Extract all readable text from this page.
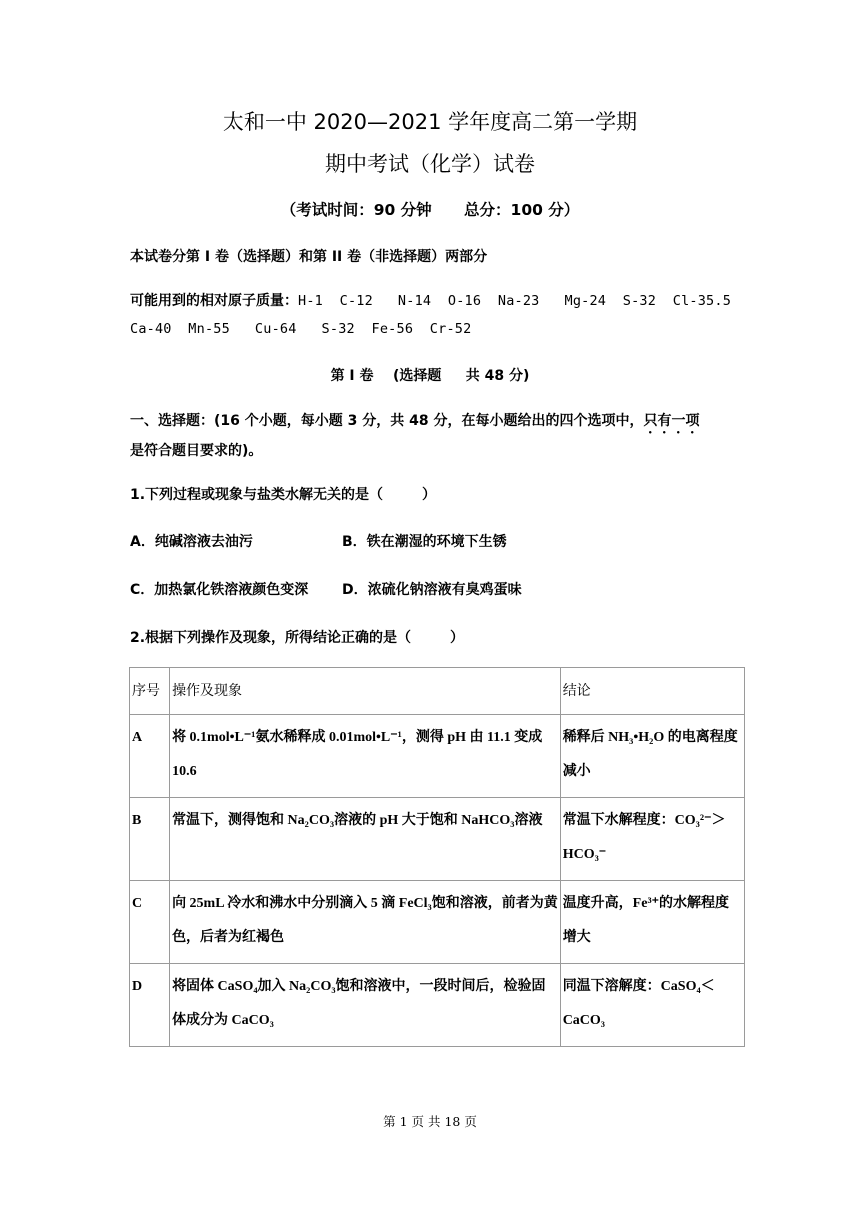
太和一中 2020—2021 学年度高二第一学期
期中考试（化学）试卷
（考试时间：90 分钟      总分：100 分）
本试卷分第 I 卷（选择题）和第 II 卷（非选择题）两部分
可能用到的相对原子质量：H-1  C-12   N-14  O-16  Na-23   Mg-24  S-32  Cl-35.5
Ca-40  Mn-55   Cu-64   S-32  Fe-56  Cr-52
第 I 卷    (选择题     共 48 分)
一、选择题：(16 个小题，每小题 3 分，共 48 分，在每小题给出的四个选项中，只有一项
是符合题目要求的)。
1.下列过程或现象与盐类水解无关的是（        ）
A．纯碱溶液去油污	B．铁在潮湿的环境下生锈
C．加热氯化铁溶液颜色变深 D．浓硫化钠溶液有臭鸡蛋味
2.根据下列操作及现象，所得结论正确的是（        ）
序号	操作及现象	结论
A	将 0.1mol•L⁻¹氨水稀释成 0.01mol•L⁻¹，测得 pH 由 11.1 变成 10.6	稀释后 NH₃•H₂O 的电离程度减小
B	常温下，测得饱和 Na₂CO₃溶液的 pH 大于饱和 NaHCO₃溶液	常温下水解程度：CO₃²⁻＞HCO₃⁻
C	向 25mL 冷水和沸水中分别滴入 5 滴 FeCl₃饱和溶液，前者为黄色，后者为红褐色	温度升高，Fe³⁺的水解程度增大
D	将固体 CaSO₄加入 Na₂CO₃饱和溶液中，一段时间后，检验固体成分为 CaCO₃	同温下溶解度：CaSO₄＜CaCO₃
第 1 页 共 18 页
